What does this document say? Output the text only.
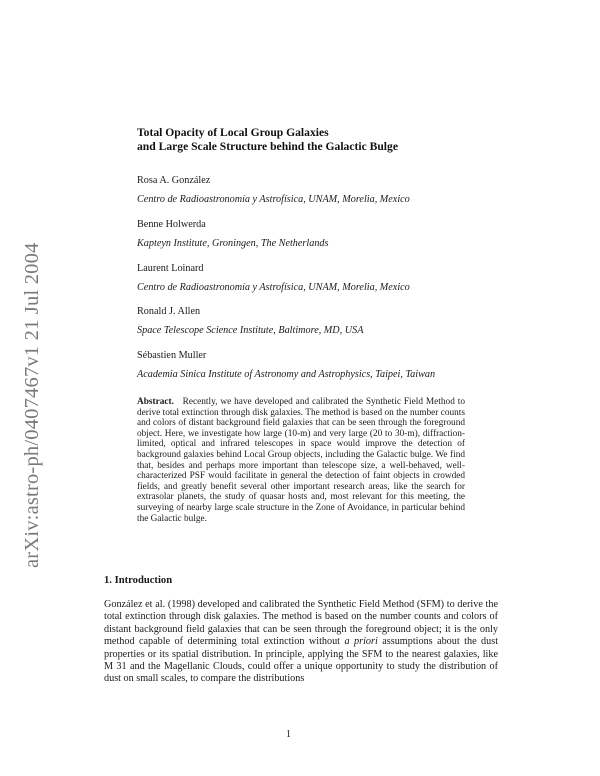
arXiv:astro-ph/0407467v1 21 Jul 2004
Total Opacity of Local Group Galaxies
and Large Scale Structure behind the Galactic Bulge
Rosa A. González
Centro de Radioastronomía y Astrofísica, UNAM, Morelia, Mexico
Benne Holwerda
Kapteyn Institute, Groningen, The Netherlands
Laurent Loinard
Centro de Radioastronomía y Astrofísica, UNAM, Morelia, Mexico
Ronald J. Allen
Space Telescope Science Institute, Baltimore, MD, USA
Sébastien Muller
Academia Sinica Institute of Astronomy and Astrophysics, Taipei, Taiwan
Abstract. Recently, we have developed and calibrated the Synthetic Field Method to derive total extinction through disk galaxies. The method is based on the number counts and colors of distant background field galaxies that can be seen through the foreground object. Here, we investigate how large (10-m) and very large (20 to 30-m), diffraction-limited, optical and infrared telescopes in space would improve the detection of background galaxies behind Local Group objects, including the Galactic bulge. We find that, besides and perhaps more important than telescope size, a well-behaved, well-characterized PSF would facilitate in general the detection of faint objects in crowded fields, and greatly benefit several other important research areas, like the search for extrasolar planets, the study of quasar hosts and, most relevant for this meeting, the surveying of nearby large scale structure in the Zone of Avoidance, in particular behind the Galactic bulge.
1. Introduction
González et al. (1998) developed and calibrated the Synthetic Field Method (SFM) to derive the total extinction through disk galaxies. The method is based on the number counts and colors of distant background field galaxies that can be seen through the foreground object; it is the only method capable of determining total extinction without a priori assumptions about the dust properties or its spatial distribution. In principle, applying the SFM to the nearest galaxies, like M 31 and the Magellanic Clouds, could offer a unique opportunity to study the distribution of dust on small scales, to compare the distributions
1
